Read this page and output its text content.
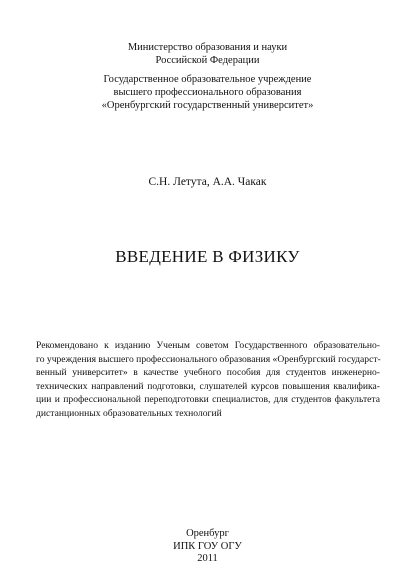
Министерство образования и науки
Российской Федерации
Государственное образовательное учреждение
высшего профессионального образования
«Оренбургский государственный университет»
С.Н. Летута, А.А. Чакак
ВВЕДЕНИЕ В ФИЗИКУ
Рекомендовано к изданию Ученым советом Государственного образовательно-
го учреждения высшего профессионального образования «Оренбургский государст-
венный университет» в качестве учебного пособия для студентов инженерно-
технических направлений подготовки, слушателей курсов повышения квалифика-
ции и профессиональной переподготовки специалистов, для студентов факультета
дистанционных образовательных технологий
Оренбург
ИПК ГОУ ОГУ
2011
